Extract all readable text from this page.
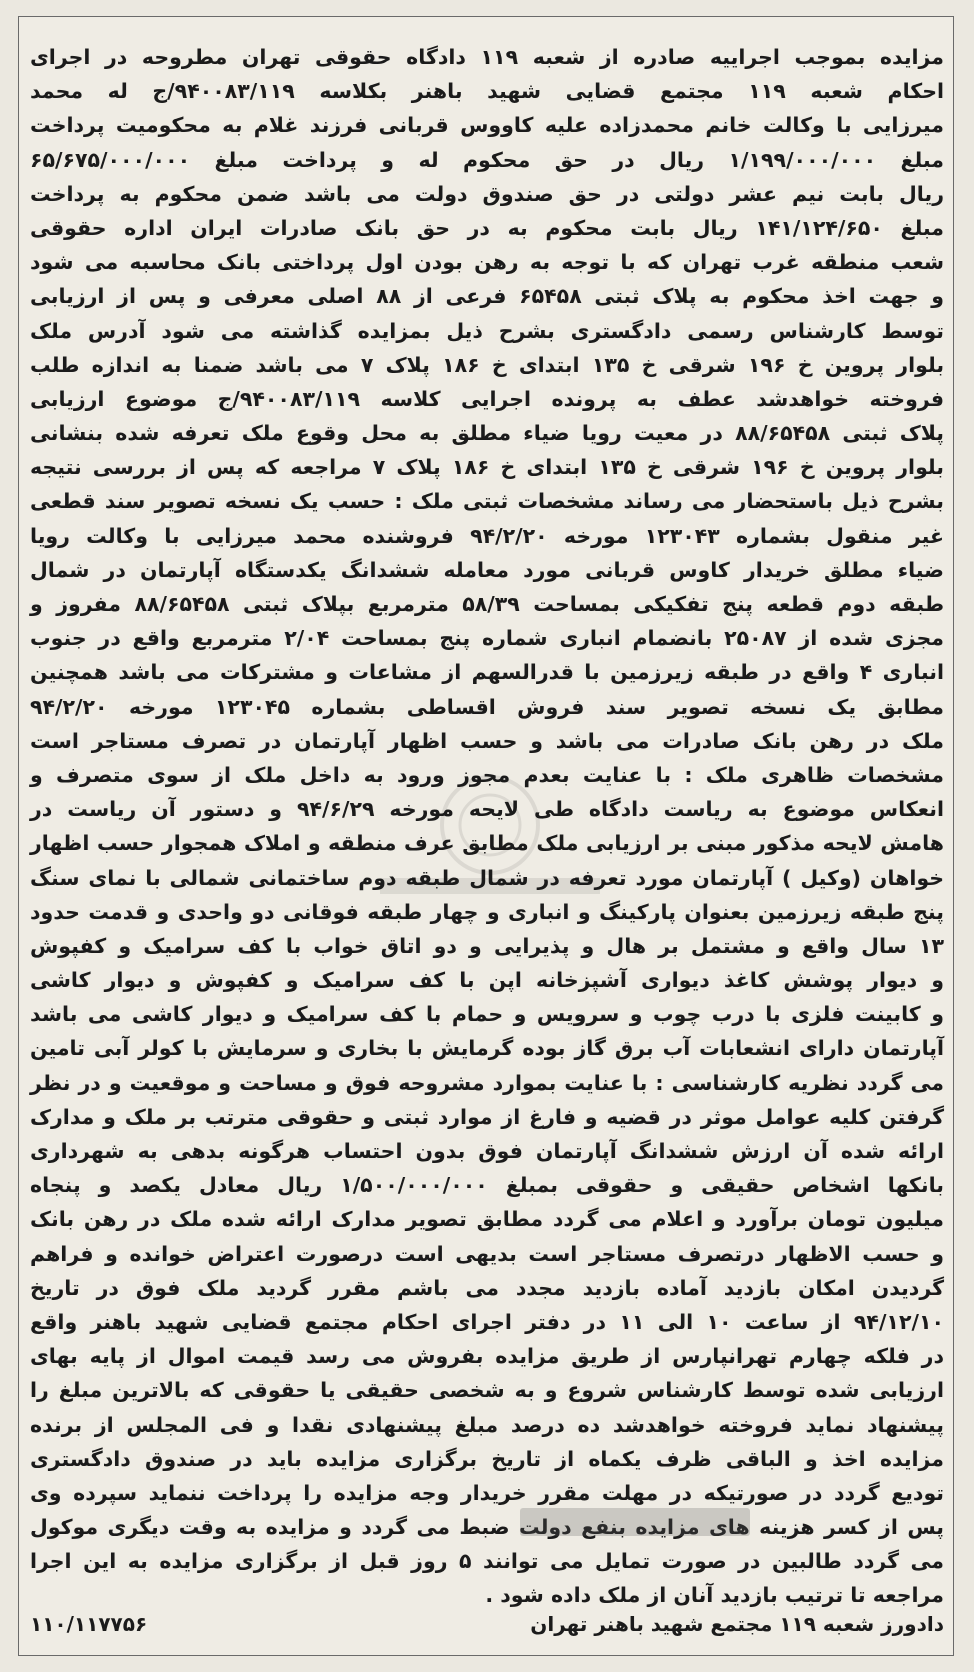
مزایده بموجب اجراییه صادره از شعبه ۱۱۹ دادگاه حقوقی تهران مطروحه در اجرای
احکام شعبه ۱۱۹ مجتمع قضایی شهید باهنر بکلاسه ۹۴۰۰۸۳/۱۱۹/ج له محمد
میرزایی با وکالت خانم محمدزاده علیه کاووس قربانی فرزند غلام به محکومیت پرداخت
مبلغ ۱/۱۹۹/۰۰۰/۰۰۰ ریال در حق محکوم له و پرداخت مبلغ ۶۵/۶۷۵/۰۰۰/۰۰۰
ریال بابت نیم عشر دولتی در حق صندوق دولت می باشد ضمن محکوم به پرداخت
مبلغ ۱۴۱/۱۲۴/۶۵۰ ریال بابت محکوم به در حق بانک صادرات ایران اداره حقوقی
شعب منطقه غرب تهران که با توجه به رهن بودن اول پرداختی بانک محاسبه می شود
و جهت اخذ محکوم به پلاک ثبتی ۶۵۴۵۸ فرعی از ۸۸ اصلی معرفی و پس از ارزیابی
توسط کارشناس رسمی دادگستری بشرح ذیل بمزایده گذاشته می شود آدرس ملک
بلوار پروین خ ۱۹۶ شرقی خ ۱۳۵ ابتدای خ ۱۸۶ پلاک ۷ می باشد ضمنا به اندازه طلب
فروخته خواهدشد عطف به پرونده اجرایی کلاسه ۹۴۰۰۸۳/۱۱۹/ج موضوع ارزیابی
پلاک ثبتی ۸۸/۶۵۴۵۸ در معیت رویا ضیاء مطلق به محل وقوع ملک تعرفه شده بنشانی
بلوار پروین خ ۱۹۶ شرقی خ ۱۳۵ ابتدای خ ۱۸۶ پلاک ۷ مراجعه که پس از بررسی نتیجه
بشرح ذیل باستحضار می رساند مشخصات ثبتی ملک : حسب یک نسخه تصویر سند قطعی
غیر منقول بشماره ۱۲۳۰۴۳ مورخه ۹۴/۲/۲۰ فروشنده محمد میرزایی با وکالت رویا
ضیاء مطلق خریدار کاوس قربانی مورد معامله ششدانگ یکدستگاه آپارتمان در شمال
طبقه دوم قطعه پنج تفکیکی بمساحت ۵۸/۳۹ مترمربع بپلاک ثبتی ۸۸/۶۵۴۵۸ مفروز و
مجزی شده از ۲۵۰۸۷ بانضمام انباری شماره پنج بمساحت ۲/۰۴ مترمربع واقع در جنوب
انباری ۴ واقع در طبقه زیرزمین با قدرالسهم از مشاعات و مشترکات می باشد همچنین
مطابق یک نسخه تصویر سند فروش اقساطی بشماره ۱۲۳۰۴۵ مورخه ۹۴/۲/۲۰
ملک در رهن بانک صادرات می باشد و حسب اظهار آپارتمان در تصرف مستاجر است
مشخصات ظاهری ملک : با عنایت بعدم مجوز ورود به داخل ملک از سوی متصرف و
انعکاس موضوع به ریاست دادگاه طی لایحه مورخه ۹۴/۶/۲۹ و دستور آن ریاست در
هامش لایحه مذکور مبنی بر ارزیابی ملک مطابق عرف منطقه و املاک همجوار حسب اظهار
خواهان (وکیل ) آپارتمان مورد تعرفه در شمال طبقه دوم ساختمانی شمالی با نمای سنگ
پنج طبقه زیرزمین بعنوان پارکینگ و انباری و چهار طبقه فوقانی دو واحدی و قدمت حدود
۱۳ سال واقع و مشتمل بر هال و پذیرایی و دو اتاق خواب با کف سرامیک و کفپوش
و دیوار پوشش کاغذ دیواری آشپزخانه اپن با کف سرامیک و کفپوش و دیوار کاشی
و کابینت فلزی با درب چوب و سرویس و حمام با کف سرامیک و دیوار کاشی می باشد
آپارتمان دارای انشعابات آب برق گاز بوده گرمایش با بخاری و سرمایش با کولر آبی تامین
می گردد نظریه کارشناسی : با عنایت بموارد مشروحه فوق و مساحت و موقعیت و در نظر
گرفتن کلیه عوامل موثر در قضیه و فارغ از موارد ثبتی و حقوقی مترتب بر ملک و مدارک
ارائه شده آن ارزش ششدانگ آپارتمان فوق بدون احتساب هرگونه بدهی به شهرداری
بانکها اشخاص حقیقی و حقوقی بمبلغ ۱/۵۰۰/۰۰۰/۰۰۰ ریال معادل یکصد و پنجاه
میلیون تومان برآورد و اعلام می گردد مطابق تصویر مدارک ارائه شده ملک در رهن بانک
و حسب الاظهار درتصرف مستاجر است بدیهی است درصورت اعتراض خوانده و فراهم
گردیدن امکان بازدید آماده بازدید مجدد می باشم مقرر گردید ملک فوق در تاریخ
۹۴/۱۲/۱۰ از ساعت ۱۰ الی ۱۱ در دفتر اجرای احکام مجتمع قضایی شهید باهنر واقع
در فلکه چهارم تهرانپارس از طریق مزایده بفروش می رسد قیمت اموال از پایه بهای
ارزیابی شده توسط کارشناس شروع و به شخصی حقیقی یا حقوقی که بالاترین مبلغ را
پیشنهاد نماید فروخته خواهدشد ده درصد مبلغ پیشنهادی نقدا و فی المجلس از برنده
مزایده اخذ و الباقی ظرف یکماه از تاریخ برگزاری مزایده باید در صندوق دادگستری
تودیع گردد در صورتیکه در مهلت مقرر خریدار وجه مزایده را پرداخت ننماید سپرده وی
پس از کسر هزینه های مزایده بنفع دولت ضبط می گردد و مزایده به وقت دیگری موکول
می گردد طالبین در صورت تمایل می توانند ۵ روز قبل از برگزاری مزایده به این اجرا
مراجعه تا ترتیب بازدید آنان از ملک داده شود .
دادورز شعبه ۱۱۹ مجتمع شهید باهنر تهران
۱۱۰/۱۱۷۷۵۶
